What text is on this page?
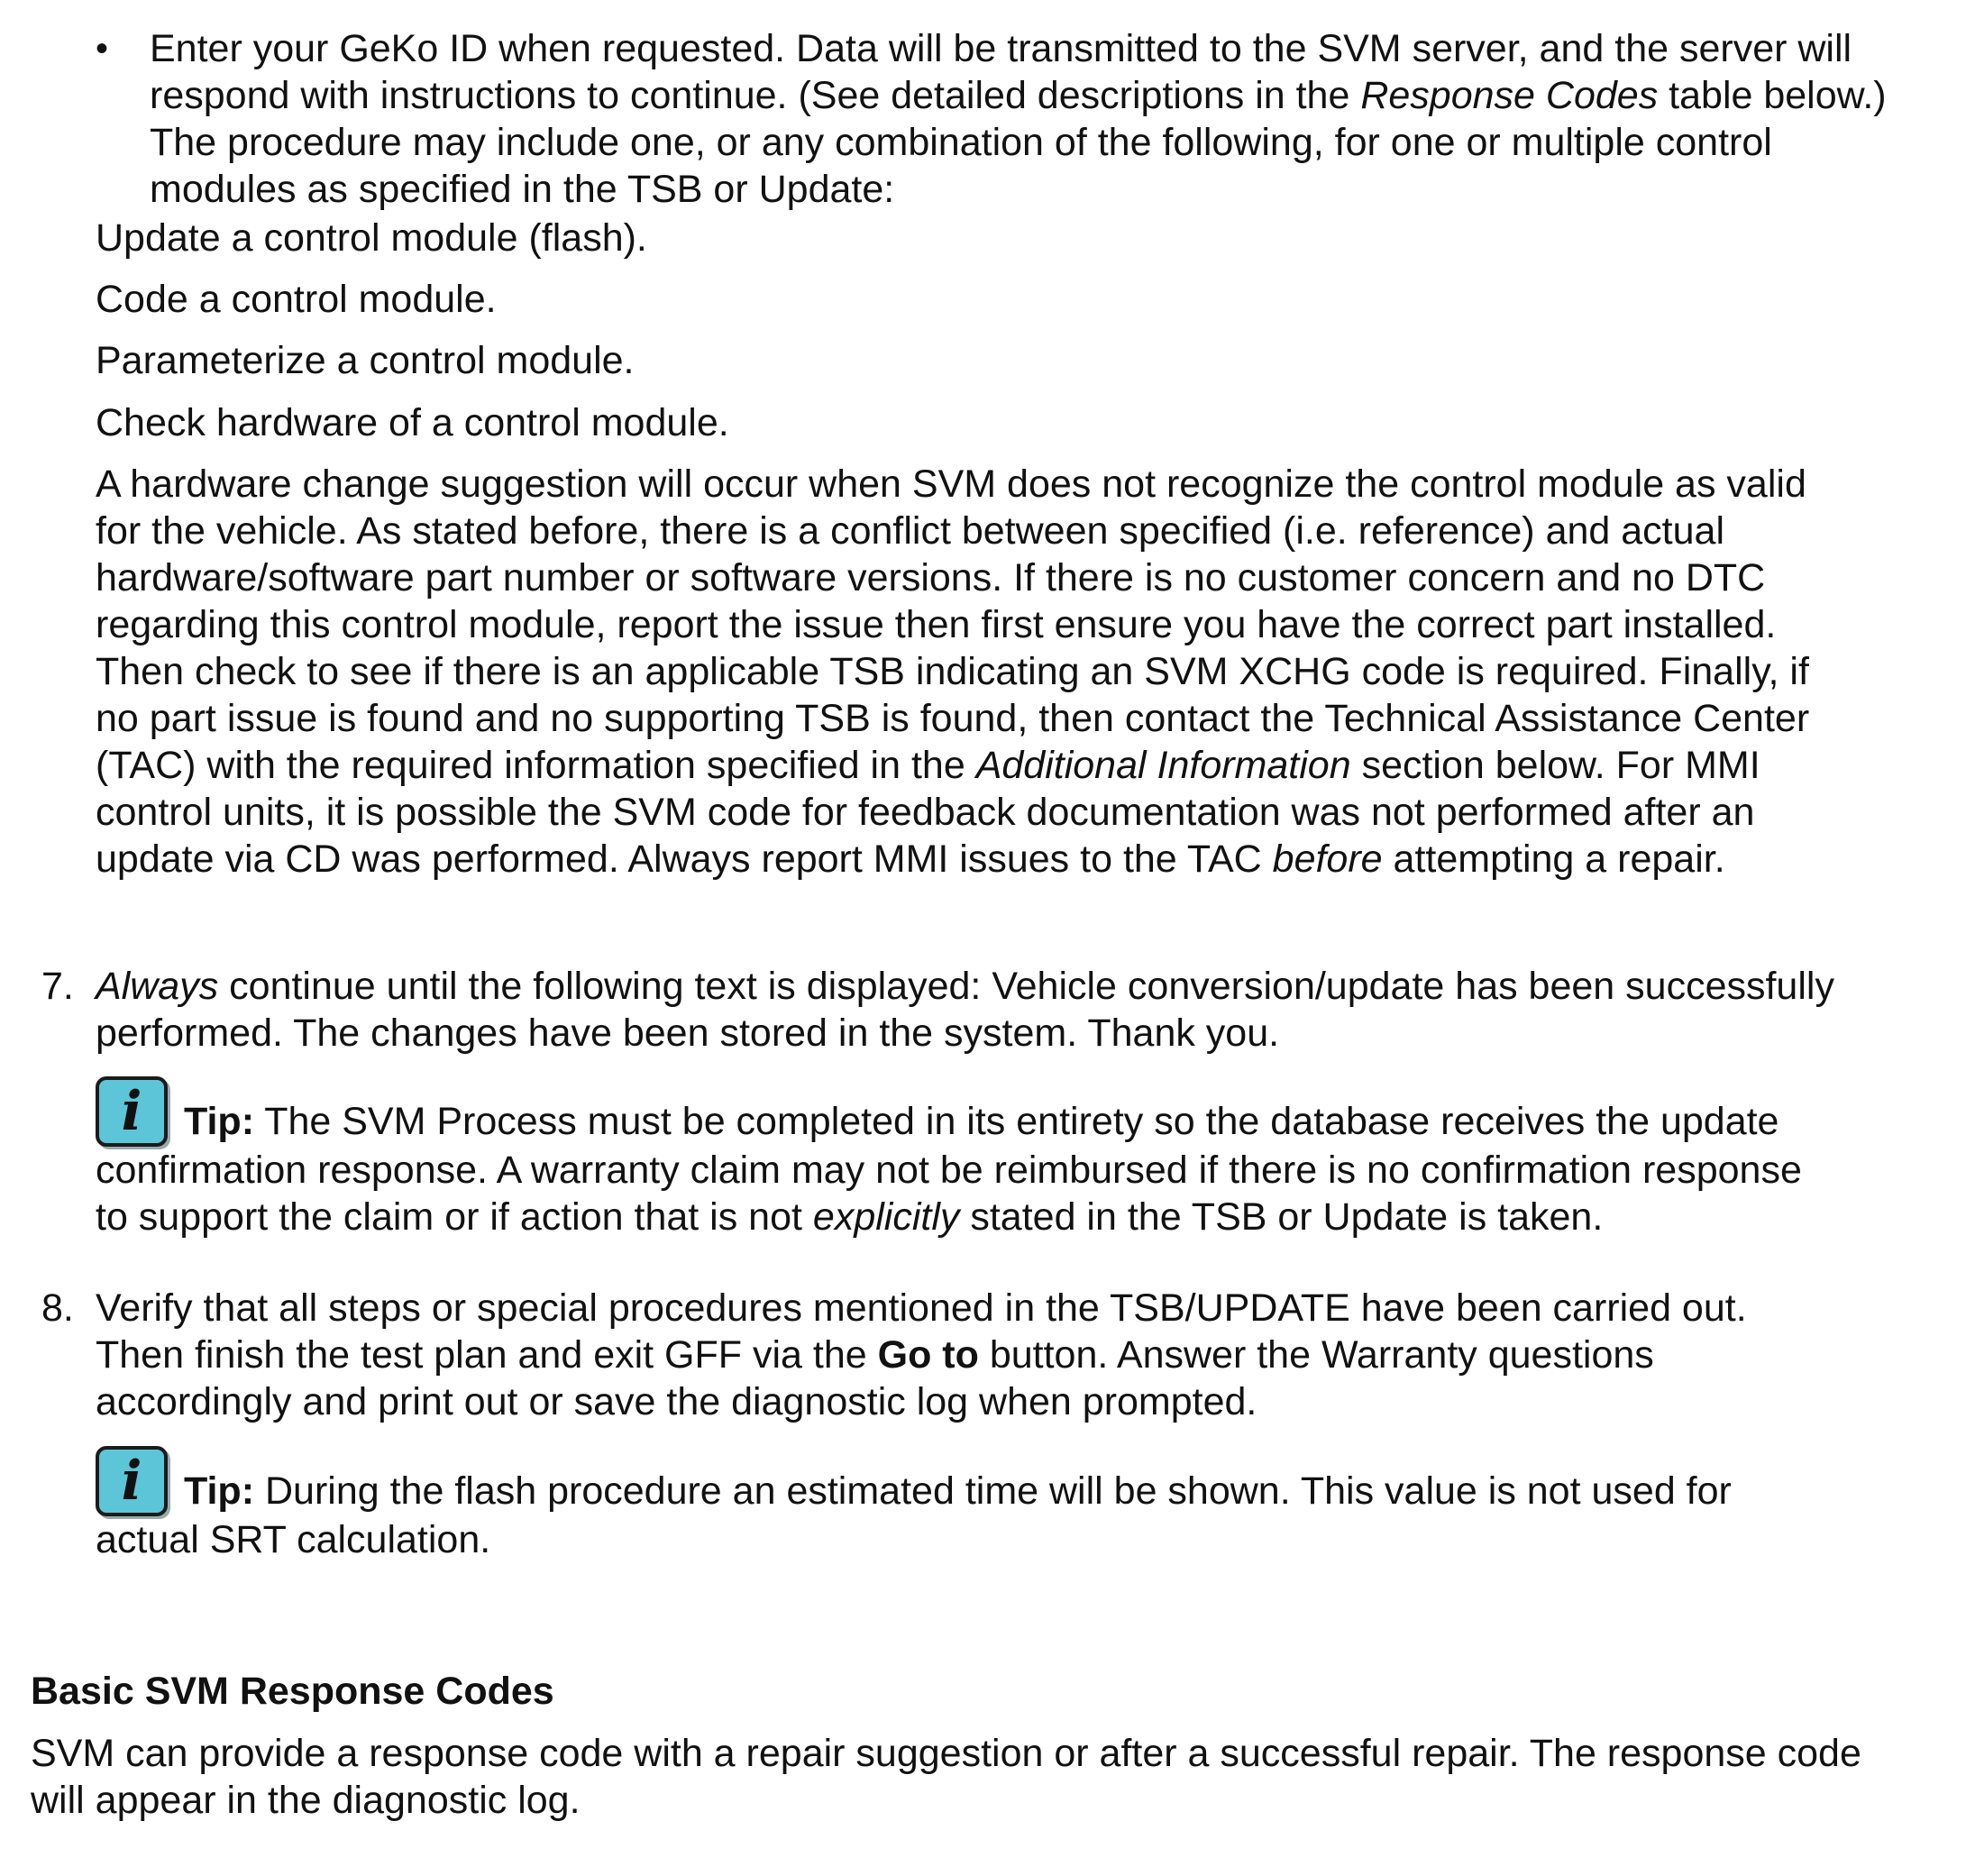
• Enter your GeKo ID when requested. Data will be transmitted to the SVM server, and the server will respond with instructions to continue. (See detailed descriptions in the Response Codes table below.) The procedure may include one, or any combination of the following, for one or multiple control modules as specified in the TSB or Update:
Update a control module (flash).
Code a control module.
Parameterize a control module.
Check hardware of a control module.
A hardware change suggestion will occur when SVM does not recognize the control module as valid for the vehicle. As stated before, there is a conflict between specified (i.e. reference) and actual hardware/software part number or software versions. If there is no customer concern and no DTC regarding this control module, report the issue then first ensure you have the correct part installed. Then check to see if there is an applicable TSB indicating an SVM XCHG code is required. Finally, if no part issue is found and no supporting TSB is found, then contact the Technical Assistance Center (TAC) with the required information specified in the Additional Information section below. For MMI control units, it is possible the SVM code for feedback documentation was not performed after an update via CD was performed. Always report MMI issues to the TAC before attempting a repair.
7. Always continue until the following text is displayed: Vehicle conversion/update has been successfully performed. The changes have been stored in the system. Thank you.
i	Tip: The SVM Process must be completed in its entirety so the database receives the update confirmation response. A warranty claim may not be reimbursed if there is no confirmation response to support the claim or if action that is not explicitly stated in the TSB or Update is taken.
8. Verify that all steps or special procedures mentioned in the TSB/UPDATE have been carried out. Then finish the test plan and exit GFF via the Go to button. Answer the Warranty questions accordingly and print out or save the diagnostic log when prompted.
i	Tip: During the flash procedure an estimated time will be shown. This value is not used for actual SRT calculation.
Basic SVM Response Codes
SVM can provide a response code with a repair suggestion or after a successful repair. The response code will appear in the diagnostic log.
